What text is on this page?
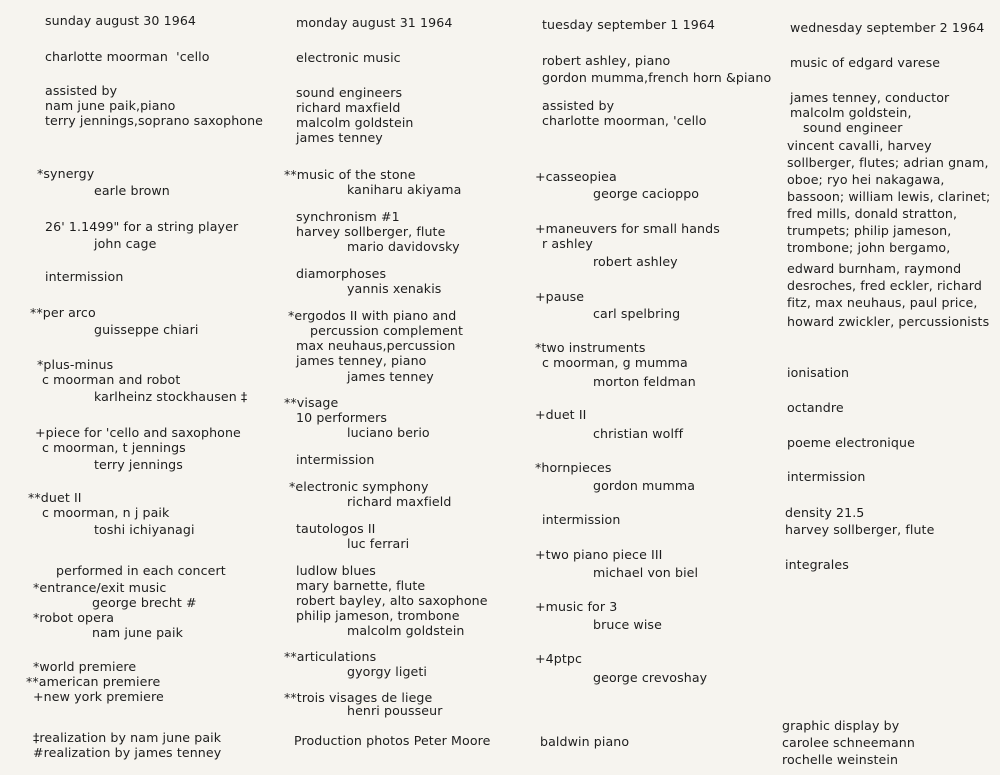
sunday august 30 1964
charlotte moorman  'cello
assisted by
nam june paik,piano
terry jennings,soprano saxophone
*synergy
earle brown
26' 1.1499" for a string player
john cage
intermission
**per arco
guisseppe chiari
*plus-minus
c moorman and robot
karlheinz stockhausen ‡
+piece for 'cello and saxophone
c moorman, t jennings
terry jennings
**duet II
c moorman, n j paik
toshi ichiyanagi
performed in each concert
*entrance/exit music
george brecht #
*robot opera
nam june paik
*world premiere
**american premiere
+new york premiere
‡realization by nam june paik
#realization by james tenney
monday august 31 1964
electronic music
sound engineers
richard maxfield
malcolm goldstein
james tenney
**music of the stone
kaniharu akiyama
synchronism #1
harvey sollberger, flute
mario davidovsky
diamorphoses
yannis xenakis
*ergodos II with piano and
percussion complement
max neuhaus,percussion
james tenney, piano
james tenney
**visage
10 performers
luciano berio
intermission
*electronic symphony
richard maxfield
tautologos II
luc ferrari
ludlow blues
mary barnette, flute
robert bayley, alto saxophone
philip jameson, trombone
malcolm goldstein
**articulations
gyorgy ligeti
**trois visages de liege
henri pousseur
Production photos Peter Moore
tuesday september 1 1964
robert ashley, piano
gordon mumma,french horn &piano
assisted by
charlotte moorman, 'cello
+casseopiea
george cacioppo
+maneuvers for small hands
r ashley
robert ashley
+pause
carl spelbring
*two instruments
c moorman, g mumma
morton feldman
+duet II
christian wolff
*hornpieces
gordon mumma
intermission
+two piano piece III
michael von biel
+music for 3
bruce wise
+4ptpc
george crevoshay
baldwin piano
wednesday september 2 1964
music of edgard varese
james tenney, conductor
malcolm goldstein,
sound engineer
vincent cavalli, harvey
sollberger, flutes; adrian gnam,
oboe; ryo hei nakagawa,
bassoon; william lewis, clarinet;
fred mills, donald stratton,
trumpets; philip jameson,
trombone; john bergamo,
edward burnham, raymond
desroches, fred eckler, richard
fitz, max neuhaus, paul price,
howard zwickler, percussionists
ionisation
octandre
poeme electronique
intermission
density 21.5
harvey sollberger, flute
integrales
graphic display by
carolee schneemann
rochelle weinstein
